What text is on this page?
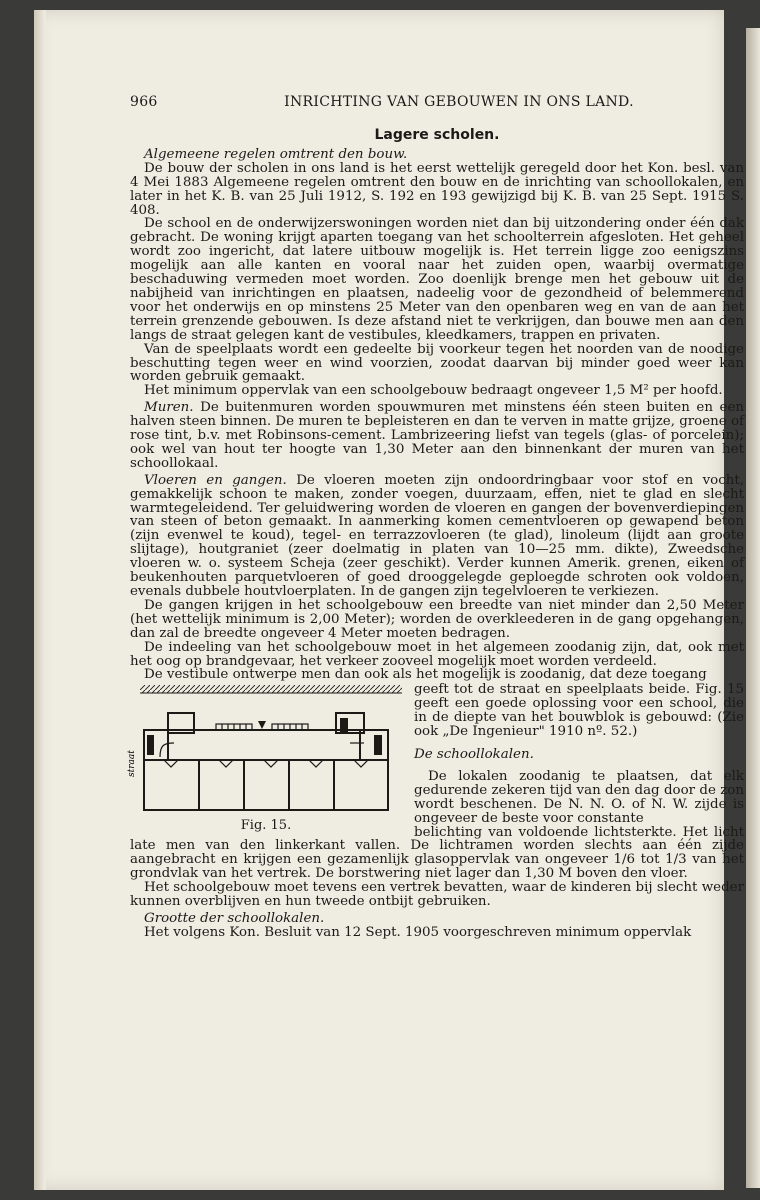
966	INRICHTING VAN GEBOUWEN IN ONS LAND.
Lagere scholen.

Algemeene regelen omtrent den bouw.

De bouw der scholen in ons land is het eerst wettelijk geregeld door het Kon. besl. van 4 Mei 1883 Algemeene regelen omtrent den bouw en de inrichting van schoollokalen, en later in het K. B. van 25 Juli 1912, S. 192 en 193 gewijzigd bij K. B. van 25 Sept. 1915 S. 408.

De school en de onderwijzerswoningen worden niet dan bij uitzondering onder één dak gebracht. De woning krijgt aparten toegang van het schoolterrein afgesloten. Het geheel wordt zoo ingericht, dat latere uitbouw mogelijk is. Het terrein ligge zoo eenigszins mogelijk aan alle kanten en vooral naar het zuiden open, waarbij overmatige beschaduwing vermeden moet worden. Zoo doenlijk brenge men het gebouw uit de nabijheid van inrichtingen en plaatsen, nadeelig voor de gezondheid of belemmerend voor het onderwijs en op minstens 25 Meter van den openbaren weg en van de aan het terrein grenzende gebouwen. Is deze afstand niet te verkrijgen, dan bouwe men aan den langs de straat gelegen kant de vestibules, kleedkamers, trappen en privaten.

Van de speelplaats wordt een gedeelte bij voorkeur tegen het noorden van de noodige beschutting tegen weer en wind voorzien, zoodat daarvan bij minder goed weer kan worden gebruik gemaakt.

Het minimum oppervlak van een schoolgebouw bedraagt ongeveer 1,5 M² per hoofd.

Muren. De buitenmuren worden spouwmuren met minstens één steen buiten en een halven steen binnen. De muren te bepleisteren en dan te verven in matte grijze, groene of rose tint, b.v. met Robinsons-cement. Lambrizeering liefst van tegels (glas- of porcelein); ook wel van hout ter hoogte van 1,30 Meter aan den binnenkant der muren van het schoollokaal.

Vloeren en gangen. De vloeren moeten zijn ondoordringbaar voor stof en vocht, gemakkelijk schoon te maken, zonder voegen, duurzaam, effen, niet te glad en slecht warmtegeleidend. Ter geluidwering worden de vloeren en gangen der bovenverdiepingen van steen of beton gemaakt. In aanmerking komen cementvloeren op gewapend beton (zijn evenwel te koud), tegel- en terrazzovloeren (te glad), linoleum (lijdt aan groote slijtage), houtgraniet (zeer doelmatig in platen van 10—25 mm. dikte), Zweedsche vloeren w. o. systeem Scheja (zeer geschikt). Verder kunnen Amerik. grenen, eiken of beukenhouten parquetvloeren of goed drooggelegde geploegde schroten ook voldoen, evenals dubbele houtvloerplaten. In de gangen zijn tegelvloeren te verkiezen.

De gangen krijgen in het schoolgebouw een breedte van niet minder dan 2,50 Meter (het wettelijk minimum is 2,00 Meter); worden de overkleederen in de gang opgehangen, dan zal de breedte ongeveer 4 Meter moeten bedragen.

De indeeling van het schoolgebouw moet in het algemeen zoodanig zijn, dat, ook met het oog op brandgevaar, het verkeer zooveel mogelijk moet worden verdeeld.

De vestibule ontwerpe men dan ook als het mogelijk is zoodanig, dat deze toegang

straat
Fig. 15.

geeft tot de straat en speelplaats beide. Fig. 15 geeft een goede oplossing voor een school, die in de diepte van het bouwblok is gebouwd: (Zie ook „De Ingenieur" 1910 nº. 52.)

De schoollokalen.

De lokalen zoodanig te plaatsen, dat elk gedurende zekeren tijd van den dag door de zon wordt beschenen. De N. N. O. of N. W. zijde is ongeveer de beste voor constante

belichting van voldoende lichtsterkte. Het licht late men van den linkerkant vallen. De lichtramen worden slechts aan één zijde aangebracht en krijgen een gezamenlijk glasoppervlak van ongeveer 1/6 tot 1/3 van het grondvlak van het vertrek. De borstwering niet lager dan 1,30 M boven den vloer.

Het schoolgebouw moet tevens een vertrek bevatten, waar de kinderen bij slecht weder kunnen overblijven en hun tweede ontbijt gebruiken.

Grootte der schoollokalen.

Het volgens Kon. Besluit van 12 Sept. 1905 voorgeschreven minimum oppervlak
